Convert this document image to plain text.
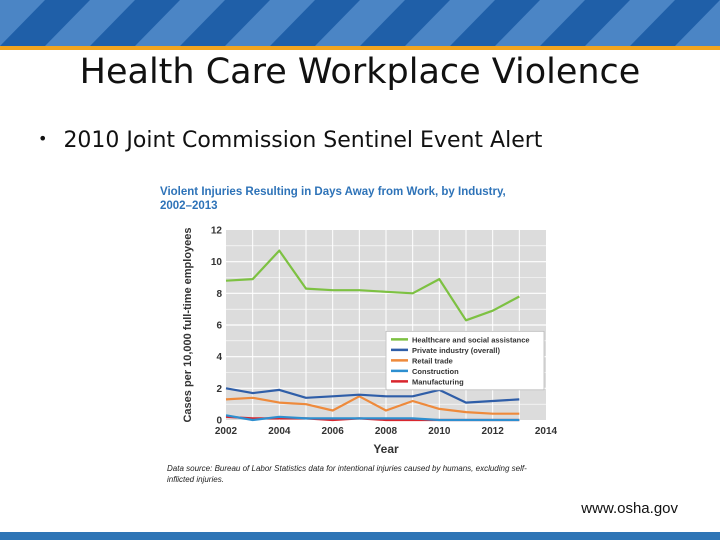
Health Care Workplace Violence
• 2010 Joint Commission Sentinel Event Alert
Violent Injuries Resulting in Days Away from Work, by Industry, 2002–2013
0
2
4
6
8
10
12
2002	2004	2006	2008	2010	2012	2014
Year
Cases per 10,000 full-time employees	Healthcare and social assistance
Private industry (overall)
Retail trade
Construction
Manufacturing
Data source: Bureau of Labor Statistics data for intentional injuries caused by humans, excluding self-inflicted injuries.
www.osha.gov
